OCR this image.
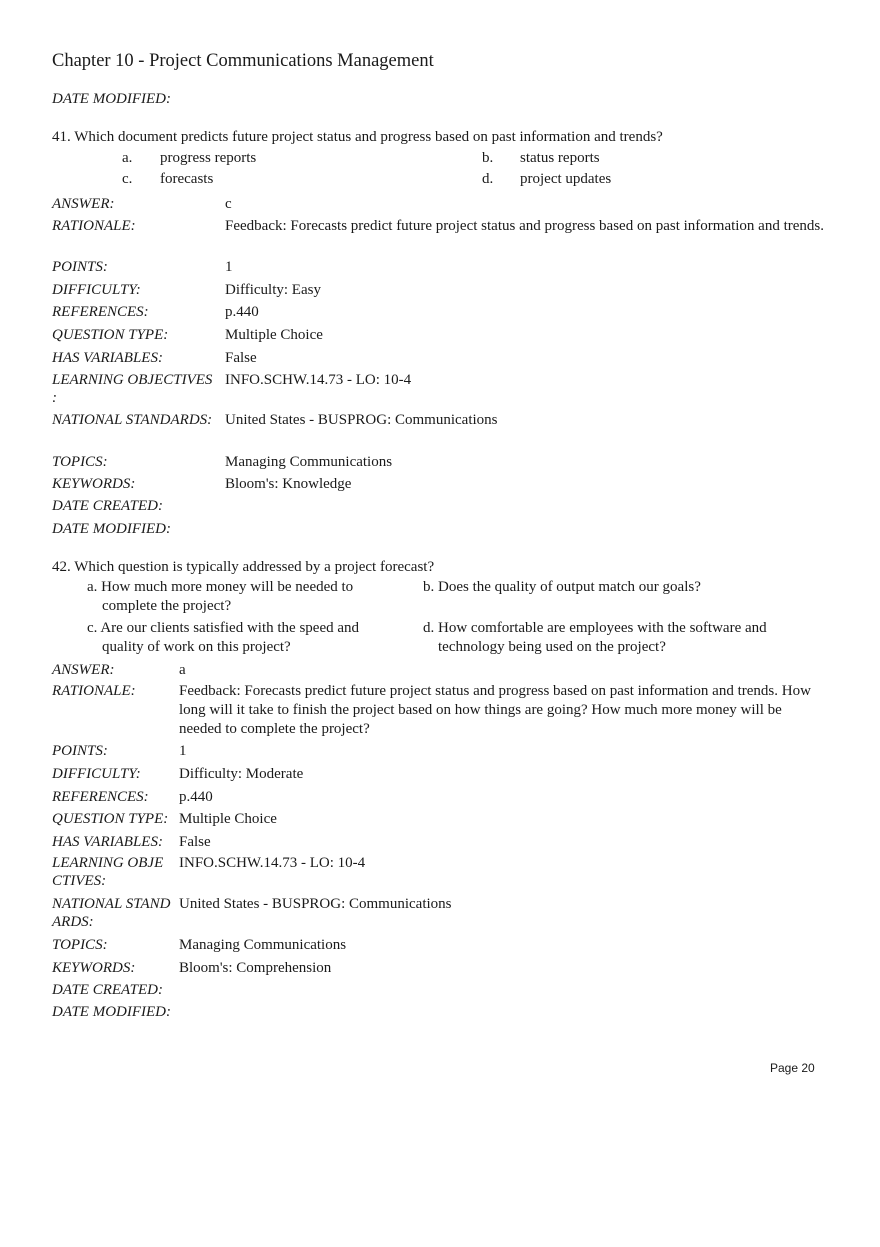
Chapter 10 - Project Communications Management
DATE MODIFIED:
41. Which document predicts future project status and progress based on past information and trends?
a. progress reports	b. status reports
c. forecasts	d. project updates
ANSWER:	c
RATIONALE:	Feedback: Forecasts predict future project status and progress based on past information and trends.
POINTS:	1
DIFFICULTY:	Difficulty: Easy
REFERENCES:	p.440
QUESTION TYPE:	Multiple Choice
HAS VARIABLES:	False
LEARNING OBJECTIVES
:
INFO.SCHW.14.73 - LO: 10-4
NATIONAL STANDARDS: United States - BUSPROG: Communications
TOPICS:	Managing Communications
KEYWORDS:	Bloom's: Knowledge
DATE CREATED:
DATE MODIFIED:
42. Which question is typically addressed by a project forecast?
a. How much more money will be needed to complete the project?
b. Does the quality of output match our goals?
c. Are our clients satisfied with the speed and quality of work on this project?
d. How comfortable are employees with the software and technology being used on the project?
ANSWER:	a
RATIONALE:	Feedback: Forecasts predict future project status and progress based on past information and trends. How long will it take to finish the project based on how things are going? How much more money will be needed to complete the project?
POINTS:	1
DIFFICULTY:	Difficulty: Moderate
REFERENCES:	p.440
QUESTION TYPE: Multiple Choice
HAS VARIABLES:	False
LEARNING OBJE
CTIVES:
INFO.SCHW.14.73 - LO: 10-4
NATIONAL STAND
ARDS:
United States - BUSPROG: Communications
TOPICS:	Managing Communications
KEYWORDS:	Bloom's: Comprehension
DATE CREATED:
DATE MODIFIED:
Page 20
